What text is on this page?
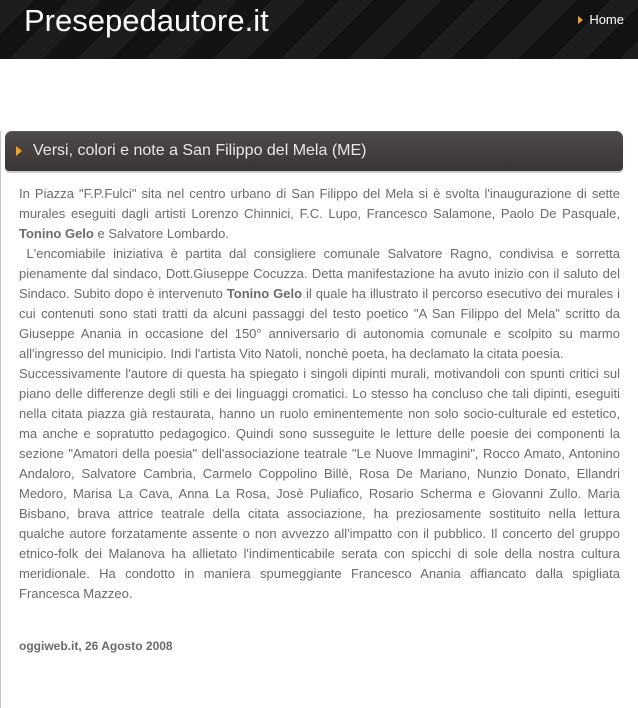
Presepedautore.it	Home
Versi, colori e note a San Filippo del Mela (ME)

In Piazza "F.P.Fulci" sita nel centro urbano di San Filippo del Mela si è svolta l'inaugurazione di sette murales eseguiti dagli artisti Lorenzo Chinnici, F.C. Lupo, Francesco Salamone, Paolo De Pasquale, Tonino Gelo e Salvatore Lombardo.

L'encomiabile iniziativa è partita dal consigliere comunale Salvatore Ragno, condivisa e sorretta pienamente dal sindaco, Dott.Giuseppe Cocuzza. Detta manifestazione ha avuto inizio con il saluto del Sindaco. Subito dopo è intervenuto Tonino Gelo il quale ha illustrato il percorso esecutivo dei murales i cui contenuti sono stati tratti da alcuni passaggi del testo poetico "A San Filippo del Mela" scritto da Giuseppe Anania in occasione del 150° anniversario di autonomia comunale e scolpito su marmo all'ingresso del municipio. Indi l'artista Vito Natoli, nonchè poeta, ha declamato la citata poesia.

Successivamente l'autore di questa ha spiegato i singoli dipinti murali, motivandoli con spunti critici sul piano delle differenze degli stili e dei linguaggi cromatici. Lo stesso ha concluso che tali dipinti, eseguiti nella citata piazza già restaurata, hanno un ruolo eminentemente non solo socio-culturale ed estetico, ma anche e sopratutto pedagogico. Quindi sono susseguite le letture delle poesie dei componenti la sezione "Amatori della poesia" dell'associazione teatrale "Le Nuove Immagini", Rocco Amato, Antonino Andaloro, Salvatore Cambria, Carmelo Coppolino Billè, Rosa De Mariano, Nunzio Donato, Ellandri Medoro, Marisa La Cava, Anna La Rosa, Josè Puliafico, Rosario Scherma e Giovanni Zullo. Maria Bisbano, brava attrice teatrale della citata associazione, ha preziosamente sostituito nella lettura qualche autore forzatamente assente o non avvezzo all'impatto con il pubblico. Il concerto del gruppo etnico-folk dei Malanova ha allietato l'indimenticabile serata con spicchi di sole della nostra cultura meridionale. Ha condotto in maniera spumeggiante Francesco Anania affiancato dalla spigliata Francesca Mazzeo.

oggiweb.it, 26 Agosto 2008
